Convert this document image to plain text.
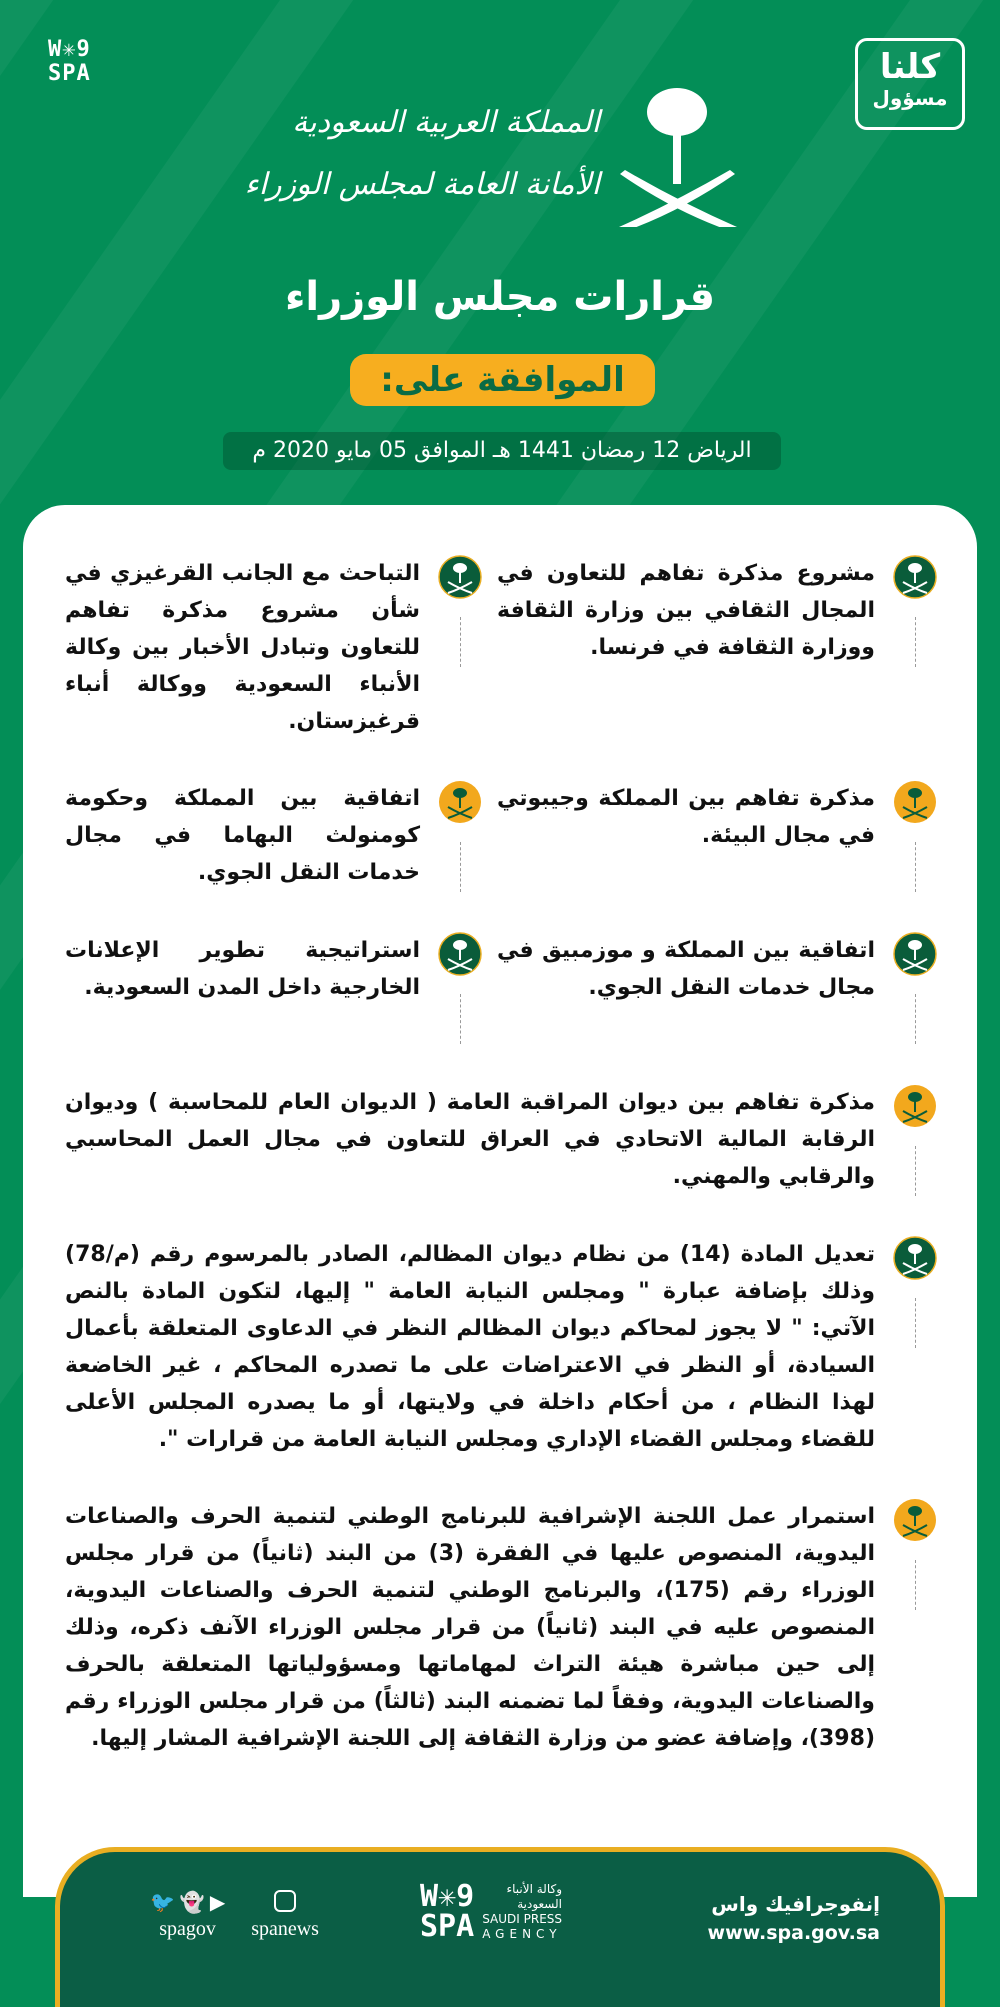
W✳9
SPA	كلنا
مسؤول
المملكة العربية السعودية
الأمانة العامة لمجلس الوزراء
قرارات مجلس الوزراء
الموافقة على:
الرياض 12 رمضان 1441 هـ الموافق 05 مايو 2020 م
مشروع مذكرة تفاهم للتعاون في المجال الثقافي بين وزارة الثقافة ووزارة الثقافة في فرنسا.
التباحث مع الجانب القرغيزي في شأن مشروع مذكرة تفاهم للتعاون وتبادل الأخبار بين وكالة الأنباء السعودية ووكالة أنباء قرغيزستان.
مذكرة تفاهم بين المملكة وجيبوتي في مجال البيئة.
اتفاقية بين المملكة وحكومة كومنولث البهاما في مجال خدمات النقل الجوي.
اتفاقية بين المملكة و موزمبيق في مجال خدمات النقل الجوي.
استراتيجية تطوير الإعلانات الخارجية داخل المدن السعودية.
مذكرة تفاهم بين ديوان المراقبة العامة ( الديوان العام للمحاسبة ) وديوان الرقابة المالية الاتحادي في العراق للتعاون في مجال العمل المحاسبي والرقابي والمهني.
تعديل المادة (14) من نظام ديوان المظالم، الصادر بالمرسوم رقم (م/78) وذلك بإضافة عبارة " ومجلس النيابة العامة " إليها، لتكون المادة بالنص الآتي: " لا يجوز لمحاكم ديوان المظالم النظر في الدعاوى المتعلقة بأعمال السيادة، أو النظر في الاعتراضات على ما تصدره المحاكم ، غير الخاضعة لهذا النظام ، من أحكام داخلة في ولايتها، أو ما يصدره المجلس الأعلى للقضاء ومجلس القضاء الإداري ومجلس النيابة العامة من قرارات ".
استمرار عمل اللجنة الإشرافية للبرنامج الوطني لتنمية الحرف والصناعات اليدوية، المنصوص عليها في الفقرة (3) من البند (ثانياً) من قرار مجلس الوزراء رقم (175)، والبرنامج الوطني لتنمية الحرف والصناعات اليدوية، المنصوص عليه في البند (ثانياً) من قرار مجلس الوزراء الآنف ذكره، وذلك إلى حين مباشرة هيئة التراث لمهاماتها ومسؤولياتها المتعلقة بالحرف والصناعات اليدوية، وفقاً لما تضمنه البند (ثالثاً) من قرار مجلس الوزراء رقم (398)، وإضافة عضو من وزارة الثقافة إلى اللجنة الإشرافية المشار إليها.
إنفوجرافيك واس
www.spa.gov.sa
W✳9
SPA
وكالة الأنباء
السعودية
SAUDI PRESS
AGENCY
🐦 👻 ▶
spagov	spanews
